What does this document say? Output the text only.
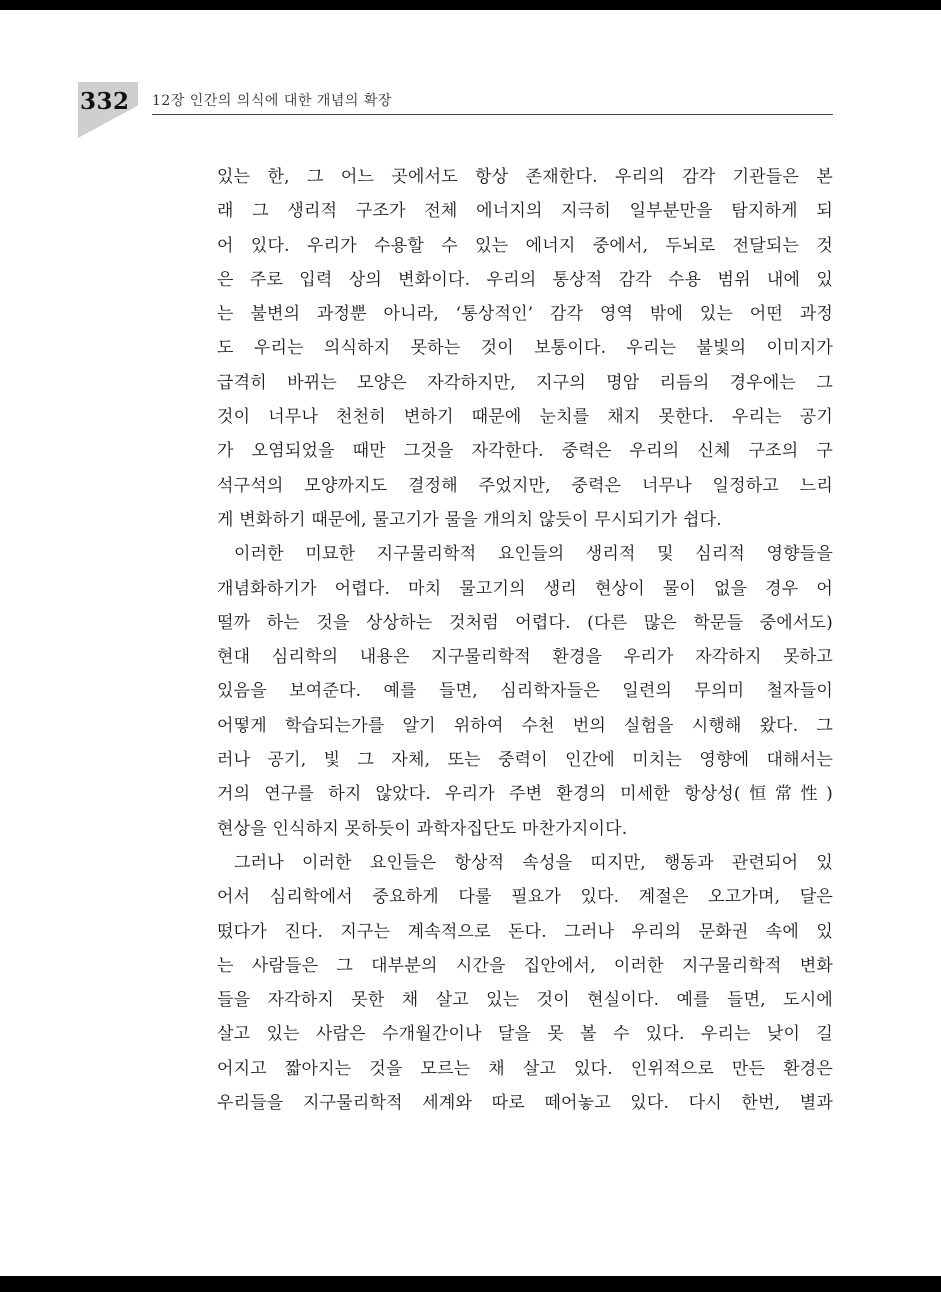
332 12장 인간의 의식에 대한 개념의 확장
있는 한, 그 어느 곳에서도 항상 존재한다. 우리의 감각 기관들은 본
래 그 생리적 구조가 전체 에너지의 지극히 일부분만을 탐지하게 되
어 있다. 우리가 수용할 수 있는 에너지 중에서, 두뇌로 전달되는 것
은 주로 입력 상의 변화이다. 우리의 통상적 감각 수용 범위 내에 있
는 불변의 과정뿐 아니라, ‘통상적인’ 감각 영역 밖에 있는 어떤 과정
도 우리는 의식하지 못하는 것이 보통이다. 우리는 불빛의 이미지가
급격히 바뀌는 모양은 자각하지만, 지구의 명암 리듬의 경우에는 그
것이 너무나 천천히 변하기 때문에 눈치를 채지 못한다. 우리는 공기
가 오염되었을 때만 그것을 자각한다. 중력은 우리의 신체 구조의 구
석구석의 모양까지도 결정해 주었지만, 중력은 너무나 일정하고 느리
게 변화하기 때문에, 물고기가 물을 개의치 않듯이 무시되기가 쉽다.
이러한 미묘한 지구물리학적 요인들의 생리적 및 심리적 영향들을
개념화하기가 어렵다. 마치 물고기의 생리 현상이 물이 없을 경우 어
떨까 하는 것을 상상하는 것처럼 어렵다. (다른 많은 학문들 중에서도)
현대 심리학의 내용은 지구물리학적 환경을 우리가 자각하지 못하고
있음을 보여준다. 예를 들면, 심리학자들은 일련의 무의미 철자들이
어떻게 학습되는가를 알기 위하여 수천 번의 실험을 시행해 왔다. 그
러나 공기, 빛 그 자체, 또는 중력이 인간에 미치는 영향에 대해서는
거의 연구를 하지 않았다. 우리가 주변 환경의 미세한 항상성(恒常性)
현상을 인식하지 못하듯이 과학자집단도 마찬가지이다.
그러나 이러한 요인들은 항상적 속성을 띠지만, 행동과 관련되어 있
어서 심리학에서 중요하게 다룰 필요가 있다. 계절은 오고가며, 달은
떴다가 진다. 지구는 계속적으로 돈다. 그러나 우리의 문화권 속에 있
는 사람들은 그 대부분의 시간을 집안에서, 이러한 지구물리학적 변화
들을 자각하지 못한 채 살고 있는 것이 현실이다. 예를 들면, 도시에
살고 있는 사람은 수개월간이나 달을 못 볼 수 있다. 우리는 낮이 길
어지고 짧아지는 것을 모르는 채 살고 있다. 인위적으로 만든 환경은
우리들을 지구물리학적 세계와 따로 떼어놓고 있다. 다시 한번, 별과
